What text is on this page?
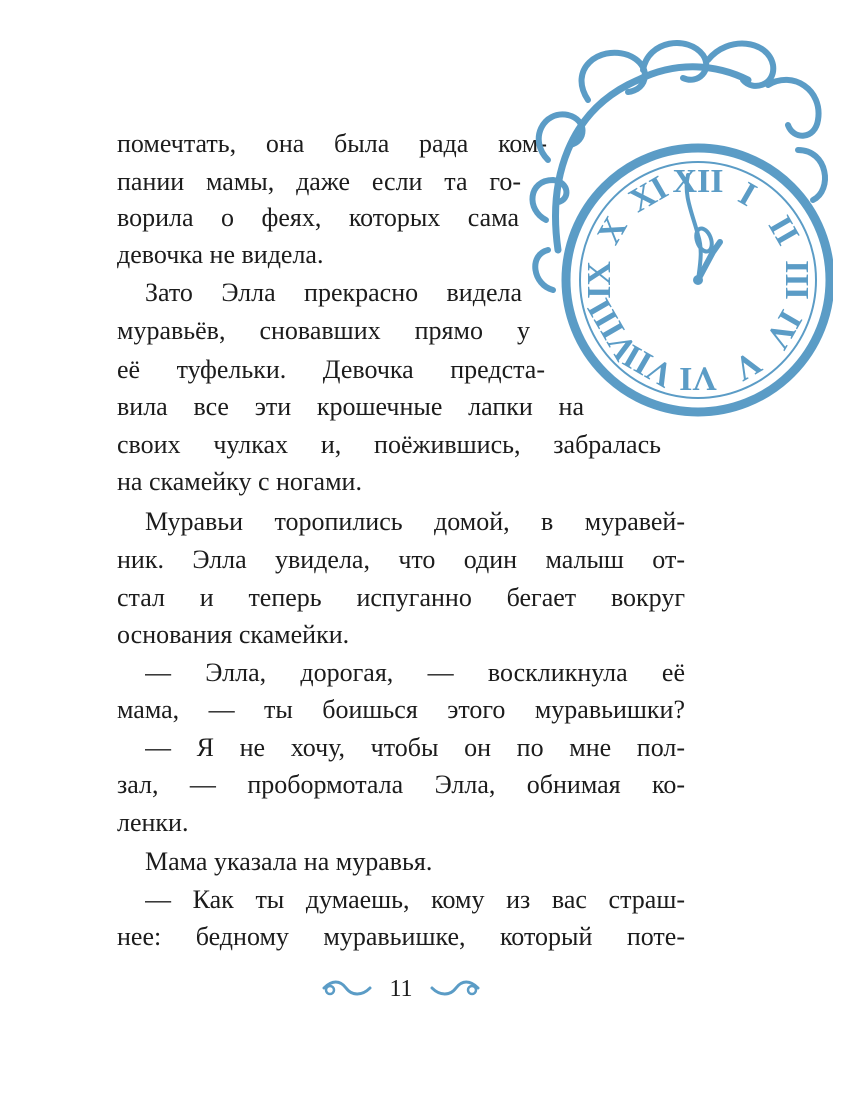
помечтать, она была рада ком-
пании мамы, даже если та го-
ворила о феях, которых сама
девочка не видела.
Зато Элла прекрасно видела
муравьёв, сновавших прямо у
её туфельки. Девочка предста-
вила все эти крошечные лапки на
своих чулках и, поёжившись, забралась
на скамейку с ногами.
Муравьи торопились домой, в муравей-
ник. Элла увидела, что один малыш от-
стал и теперь испуганно бегает вокруг
основания скамейки.
— Элла, дорогая, — воскликнула её
мама, — ты боишься этого муравьишки?
— Я не хочу, чтобы он по мне пол-
зал, — пробормотала Элла, обнимая ко-
ленки.
Мама указала на муравья.
— Как ты думаешь, кому из вас страш-
нее: бедному муравьишке, который поте-
XII I
II
III
IV
V
VI
VII
VIII
IX
X
XI
11
